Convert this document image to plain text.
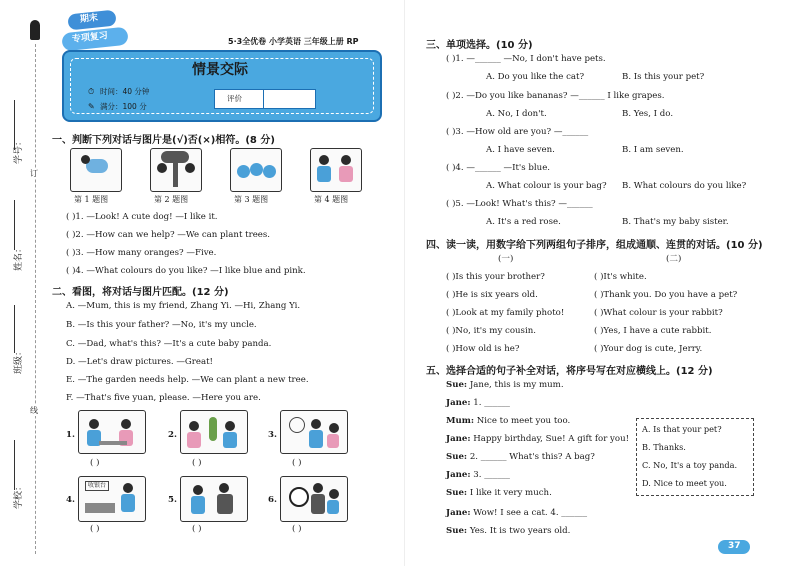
学号：
订
姓名：
班级：
线
学校：
期末
专项复习	5·3全优卷 小学英语 三年级上册 RP
情景交际
⏱ 时间：40 分钟
✎ 满分：100 分
评价
一、判断下列对话与图片是(√)否(×)相符。(8 分)
第 1 题图	第 2 题图	第 3 题图	第 4 题图
( )1. —Look! A cute dog! —I like it.
( )2. —How can we help? —We can plant trees.
( )3. —How many oranges? —Five.
( )4. —What colours do you like? —I like blue and pink.
二、看图，将对话与图片匹配。(12 分)
A. —Mum, this is my friend, Zhang Yi. —Hi, Zhang Yi.
B. —Is this your father? —No, it's my uncle.
C. —Dad, what's this? —It's a cute baby panda.
D. —Let's draw pictures. —Great!
E. —The garden needs help. —We can plant a new tree.
F. —That's five yuan, please. —Here you are.
1.
( )
2.
( )
3.
( )
4.
收银台
( )
5.
( )
6.
( )
三、单项选择。(10 分)
( )1. —______ —No, I don't have pets.
A. Do you like the cat?	B. Is this your pet?
( )2. —Do you like bananas? —______ I like grapes.
A. No, I don't.	B. Yes, I do.
( )3. —How old are you? —______
A. I have seven.	B. I am seven.
( )4. —______ —It's blue.
A. What colour is your bag? B. What colours do you like?
( )5. —Look! What's this? —______
A. It's a red rose.	B. That's my baby sister.
四、读一读，用数字给下列两组句子排序，组成通顺、连贯的对话。(10 分)
(一)	(二)
( )Is this your brother?
( )He is six years old.
( )Look at my family photo!
( )No, it's my cousin.
( )How old is he?
( )It's white.
( )Thank you. Do you have a pet?
( )What colour is your rabbit?
( )Yes, I have a cute rabbit.
( )Your dog is cute, Jerry.
五、选择合适的句子补全对话，将序号写在对应横线上。(12 分)
Sue: Jane, this is my mum.
Jane: 1. ______
Mum: Nice to meet you too.
Jane: Happy birthday, Sue! A gift for you!
Sue: 2. ______ What's this? A bag?
Jane: 3. ______
Sue: I like it very much.
Jane: Wow! I see a cat. 4. ______
Sue: Yes. It is two years old.
A. Is that your pet?
B. Thanks.
C. No, It's a toy panda.
D. Nice to meet you.
37
